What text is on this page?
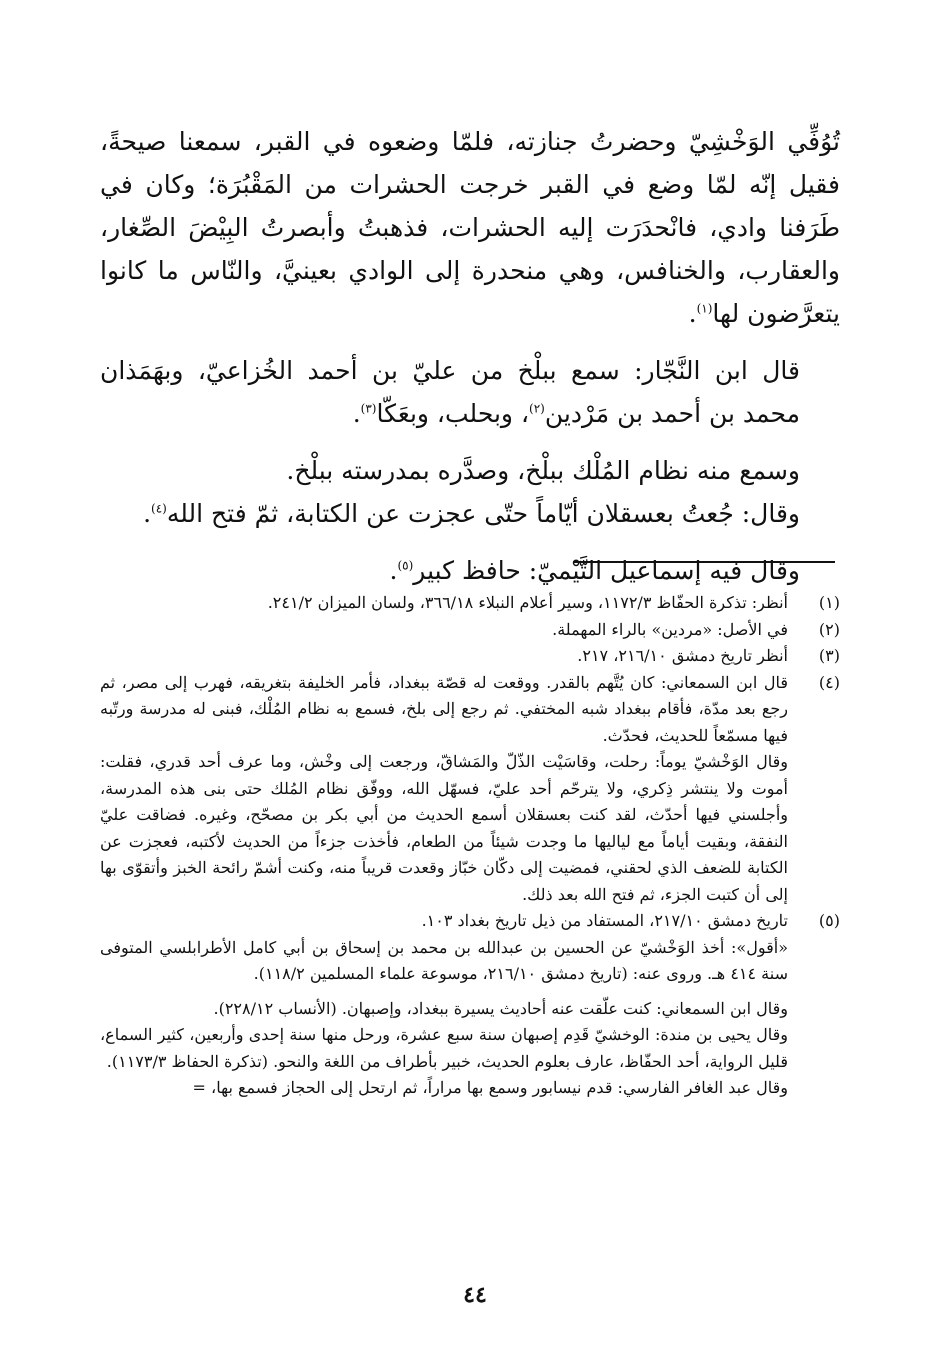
تُوُفِّي الوَخْشِيّ وحضرتُ جنازته، فلمّا وضعوه في القبر، سمعنا صيحةً، فقيل إنّه لمّا وضع في القبر خرجت الحشرات من المَقْبُرَة؛ وكان في طَرَفنا وادي، فانْحدَرَت إليه الحشرات، فذهبتُ وأبصرتُ البِيْضَ الصِّغار، والعقارب، والخنافس، وهي منحدرة إلى الوادي بعينيَّ، والنّاس ما كانوا يتعرَّضون لها$^{(١)}$.

قال ابن النَّجّار: سمع ببلْخ من عليّ بن أحمد الخُزاعيّ، وبهَمَذان محمد بن أحمد بن مَرْدين$^{(٢)}$، وبحلب، وبعَكّا$^{(٣)}$.

وسمع منه نظام المُلْك ببلْخ، وصدَّره بمدرسته ببلْخ.

وقال: جُعتُ بعسقلان أيّاماً حتّى عجزت عن الكتابة، ثمّ فتح الله$^{(٤)}$.

وقال فيه إسماعيل التَّيْميّ: حافظ كبير$^{(٥)}$.

(١)
أنظر: تذكرة الحفّاظ ١١٧٢/٣، وسير أعلام النبلاء ٣٦٦/١٨، ولسان الميزان ٢٤١/٢.
(٢)
في الأصل: «مردين» بالراء المهملة.
(٣)
أنظر تاريخ دمشق ٢١٦/١٠، ٢١٧.
(٤)
قال ابن السمعاني: كان يُتَّهم بالقدر. ووقعت له قصّة ببغداد، فأمر الخليفة بتغريقه، فهرب إلى مصر، ثم رجع بعد مدّة، فأقام ببغداد شبه المختفي. ثم رجع إلى بلخ، فسمع به نظام المُلْك، فبنى له مدرسة ورتّبه فيها مسمّعاً للحديث، فحدّث.
وقال الوَخْشيّ يوماً: رحلت، وقاسَيْت الذّلّ والمَشاقّ، ورجعت إلى وخْش، وما عرف أحد قدري، فقلت: أموت ولا ينتشر ذِكري، ولا يترحّم أحد عليّ، فسهّل الله، ووفّق نظام المُلك حتى بنى هذه المدرسة، وأجلسني فيها أحدّث، لقد كنت بعسقلان أسمع الحديث من أبي بكر بن مصحّح، وغيره. فضاقت عليّ النفقة، وبقيت أياماً مع لياليها ما وجدت شيئاً من الطعام، فأخذت جزءاً من الحديث لأكتبه، فعجزت عن الكتابة للضعف الذي لحقني، فمضيت إلى دكّان خبّاز وقعدت قريباً منه، وكنت أشمّ رائحة الخبز وأتقوّى بها إلى أن كتبت الجزء، ثم فتح الله بعد ذلك.
(٥)
تاريخ دمشق ٢١٧/١٠، المستفاد من ذيل تاريخ بغداد ١٠٣.

«أقول»: أخذ الوَخْشيّ عن الحسين بن عبدالله بن محمد بن إسحاق بن أبي كامل الأطرابلسي المتوفى سنة ٤١٤ هـ. وروى عنه: (تاريخ دمشق ٢١٦/١٠، موسوعة علماء المسلمين ١١٨/٢).

وقال ابن السمعاني: كنت علّقت عنه أحاديث يسيرة ببغداد، وإصبهان. (الأنساب ٢٢٨/١٢).

وقال يحيى بن مندة: الوخشيّ قَدِم إصبهان سنة سبع عشرة، ورحل منها سنة إحدى وأربعين، كثير السماع، قليل الرواية، أحد الحفّاظ، عارف بعلوم الحديث، خبير بأطراف من اللغة والنحو. (تذكرة الحفاظ ١١٧٣/٣).

وقال عبد الغافر الفارسي: قدم نيسابور وسمع بها مراراً، ثم ارتحل إلى الحجاز فسمع بها، =

٤٤
